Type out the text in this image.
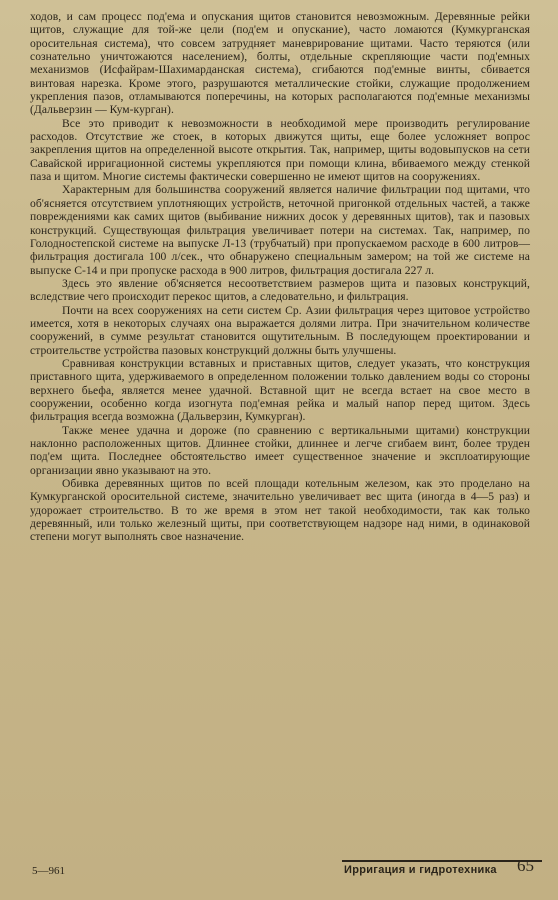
ходов, и сам процесс под'ема и опускания щитов становится невозможным. Деревянные рейки щитов, служащие для той-же цели (под'ем и опускание), часто ломаются (Кумкурганская оросительная система), что совсем затрудняет маневрирование щитами. Часто теряются (или сознательно уничтожаются населением), болты, отдельные скрепляющие части под'емных механизмов (Исфайрам-Шахимарданская система), сгибаются под'емные винты, сбивается винтовая нарезка. Кроме этого, разрушаются металлические стойки, служащие продолжением укрепления пазов, отламываются поперечины, на которых располагаются под'емные механизмы (Дальверзин — Кум-курган).

Все это приводит к невозможности в необходимой мере производить регулирование расходов. Отсутствие же стоек, в которых движутся щиты, еще более усложняет вопрос закрепления щитов на определенной высоте открытия. Так, например, щиты водовыпусков на сети Савайской ирригационной системы укрепляются при помощи клина, вбиваемого между стенкой паза и щитом. Многие системы фактически совершенно не имеют щитов на сооружениях.

Характерным для большинства сооружений является наличие фильтрации под щитами, что об'ясняется отсутствием уплотняющих устройств, неточной пригонкой отдельных частей, а также повреждениями как самих щитов (выбивание нижних досок у деревянных щитов), так и пазовых конструкций. Существующая фильтрация увеличивает потери на системах. Так, например, по Голодностепской системе на выпуске Л-13 (трубчатый) при пропускаемом расходе в 600 литров—фильтрация достигала 100 л/сек., что обнаружено специальным замером; на той же системе на выпуске С-14 и при пропуске расхода в 900 литров, фильтрация достигала 227 л.

Здесь это явление об'ясняется несоответствием размеров щита и пазовых конструкций, вследствие чего происходит перекос щитов, а следовательно, и фильтрация.

Почти на всех сооружениях на сети систем Ср. Азии фильтрация через щитовое устройство имеется, хотя в некоторых случаях она выражается долями литра. При значительном количестве сооружений, в сумме результат становится ощутительным. В последующем проектировании и строительстве устройства пазовых конструкций должны быть улучшены.

Сравнивая конструкции вставных и приставных щитов, следует указать, что конструкция приставного щита, удерживаемого в определенном положении только давлением воды со стороны верхнего бьефа, является менее удачной. Вставной щит не всегда встает на свое место в сооружении, особенно когда изогнута под'емная рейка и малый напор перед щитом. Здесь фильтрация всегда возможна (Дальверзин, Кумкурган).

Также менее удачна и дороже (по сравнению с вертикальными щитами) конструкции наклонно расположенных щитов. Длиннее стойки, длиннее и легче сгибаем винт, более труден под'ем щита. Последнее обстоятельство имеет существенное значение и эксплоатирующие организации явно указывают на это.

Обивка деревянных щитов по всей площади котельным железом, как это проделано на Кумкурганской оросительной системе, значительно увеличивает вес щита (иногда в 4—5 раз) и удорожает строительство. В то же время в этом нет такой необходимости, так как только деревянный, или только железный щиты, при соответствующем надзоре над ними, в одинаковой степени могут выполнять свое назначение.

5—961	Ирригация и гидротехника 65
